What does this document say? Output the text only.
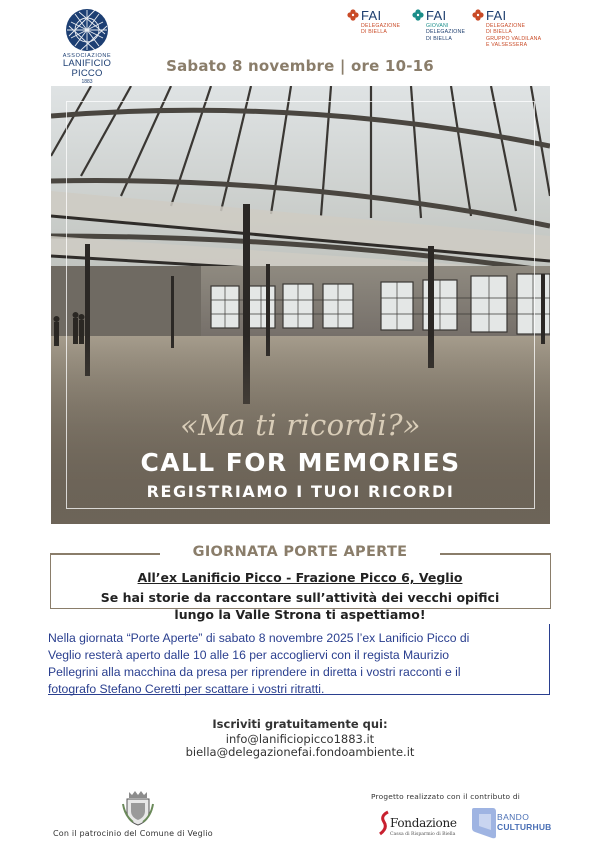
ASSOCIAZIONE
LANIFICIO PICCO
1883
FAI
DELEGAZIONE
DI BIELLA
FAI
GIOVANI
DELEGAZIONE
DI BIELLA
FAI
DELEGAZIONE
DI BIELLA
GRUPPO VALDILANA
E VALSESSERA
Sabato 8 novembre | ore 10-16
«Ma ti ricordi?»
CALL FOR MEMORIES
REGISTRIAMO I TUOI RICORDI
GIORNATA PORTE APERTE
All’ex Lanificio Picco - Frazione Picco 6, Veglio
Se hai storie da raccontare sull’attività dei vecchi opifici
lungo la Valle Strona ti aspettiamo!
Nella giornata “Porte Aperte” di sabato 8 novembre 2025 l’ex Lanificio Picco di
Veglio resterà aperto dalle 10 alle 16 per accogliervi con il regista Maurizio
Pellegrini alla macchina da presa per riprendere in diretta i vostri racconti e il
fotografo Stefano Ceretti per scattare i vostri ritratti.
Iscriviti gratuitamente qui:
info@lanificiopicco1883.it
biella@delegazionefai.fondoambiente.it
Con il patrocinio del Comune di Veglio
Progetto realizzato con il contributo di
Fondazione
Cassa di Risparmio di Biella
BANDO
CULTURHUB
